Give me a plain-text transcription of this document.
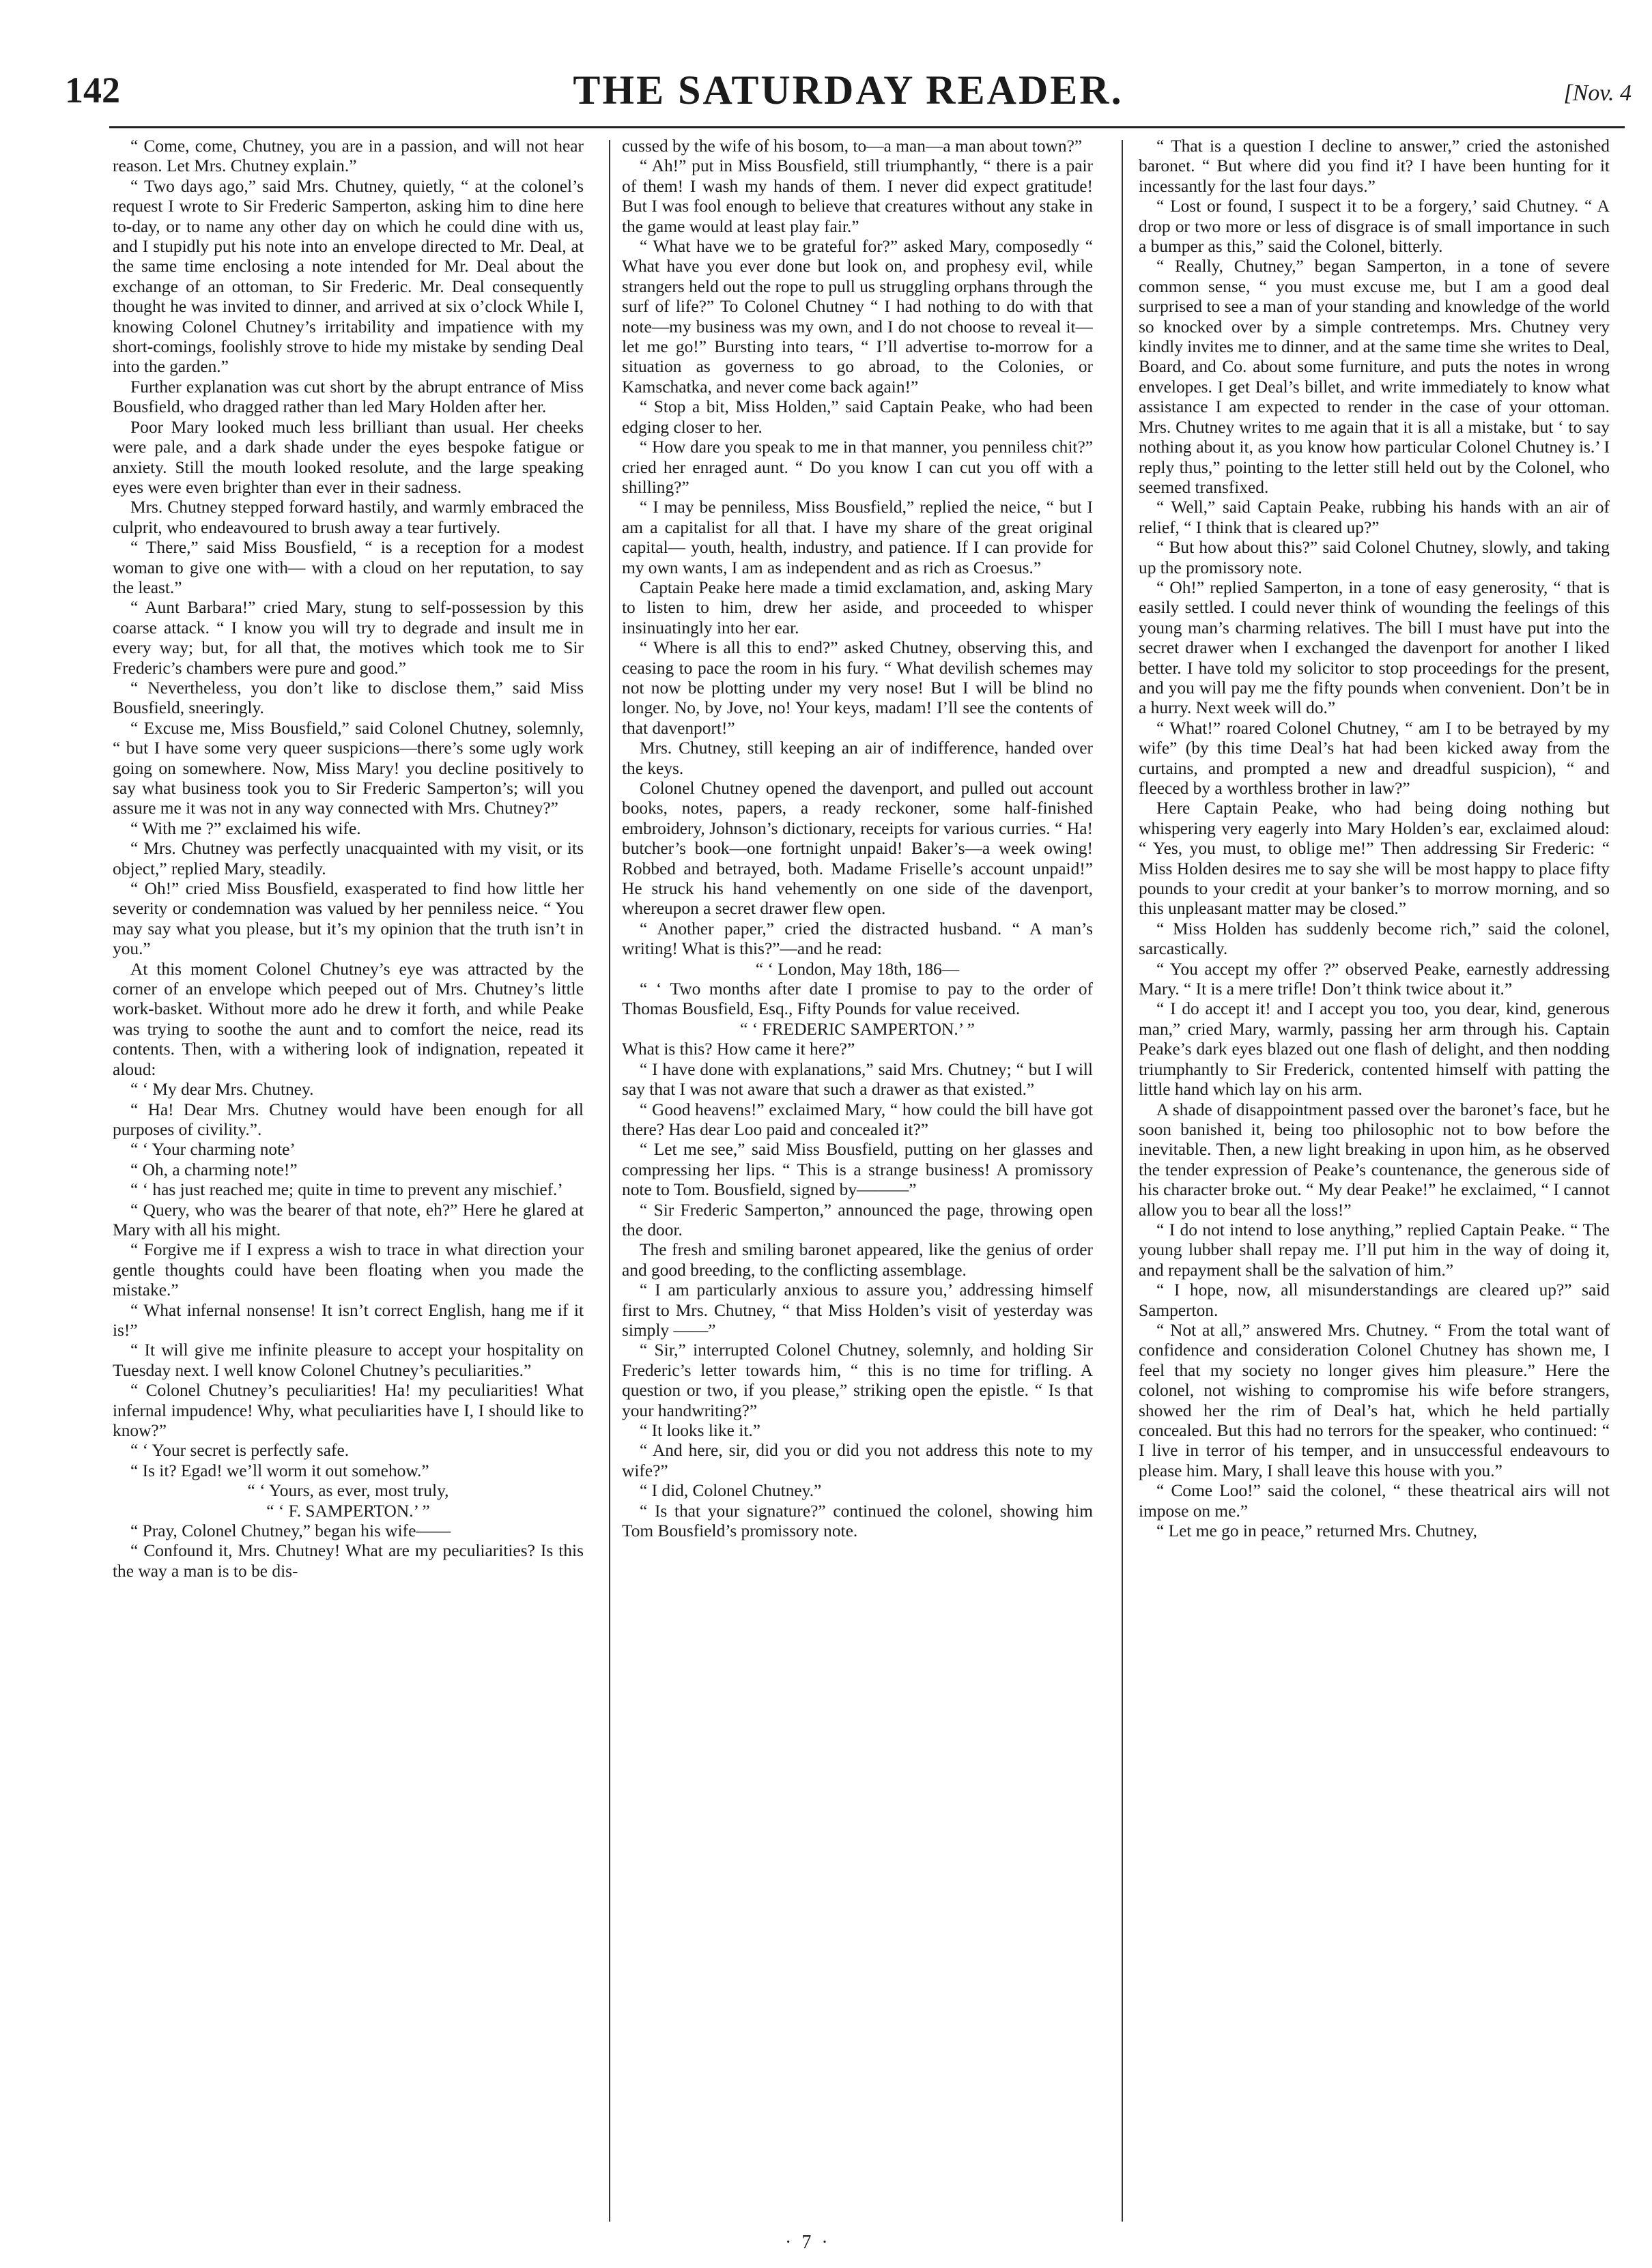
142	THE SATURDAY READER.	[Nov. 4

“ Come, come, Chutney, you are in a passion, and will not hear reason. Let Mrs. Chutney explain.”

“ Two days ago,” said Mrs. Chutney, quietly, “ at the colonel’s request I wrote to Sir Frederic Samperton, asking him to dine here to-day, or to name any other day on which he could dine with us, and I stupidly put his note into an envelope directed to Mr. Deal, at the same time enclosing a note intended for Mr. Deal about the exchange of an ottoman, to Sir Frederic. Mr. Deal consequently thought he was invited to dinner, and arrived at six o’clock While I, knowing Colonel Chutney’s irritability and impatience with my short-comings, foolishly strove to hide my mistake by sending Deal into the garden.”

Further explanation was cut short by the abrupt entrance of Miss Bousfield, who dragged rather than led Mary Holden after her.

Poor Mary looked much less brilliant than usual. Her cheeks were pale, and a dark shade under the eyes bespoke fatigue or anxiety. Still the mouth looked resolute, and the large speaking eyes were even brighter than ever in their sadness.

Mrs. Chutney stepped forward hastily, and warmly embraced the culprit, who endeavoured to brush away a tear furtively.

“ There,” said Miss Bousfield, “ is a reception for a modest woman to give one with— with a cloud on her reputation, to say the least.”

“ Aunt Barbara!” cried Mary, stung to self-possession by this coarse attack. “ I know you will try to degrade and insult me in every way; but, for all that, the motives which took me to Sir Frederic’s chambers were pure and good.”

“ Nevertheless, you don’t like to disclose them,” said Miss Bousfield, sneeringly.

“ Excuse me, Miss Bousfield,” said Colonel Chutney, solemnly, “ but I have some very queer suspicions—there’s some ugly work going on somewhere. Now, Miss Mary! you decline positively to say what business took you to Sir Frederic Samperton’s; will you assure me it was not in any way connected with Mrs. Chutney?”

“ With me ?” exclaimed his wife.

“ Mrs. Chutney was perfectly unacquainted with my visit, or its object,” replied Mary, steadily.

“ Oh!” cried Miss Bousfield, exasperated to find how little her severity or condemnation was valued by her penniless neice. “ You may say what you please, but it’s my opinion that the truth isn’t in you.”

At this moment Colonel Chutney’s eye was attracted by the corner of an envelope which peeped out of Mrs. Chutney’s little work-basket. Without more ado he drew it forth, and while Peake was trying to soothe the aunt and to comfort the neice, read its contents. Then, with a withering look of indignation, repeated it aloud:

“ ‘ My dear Mrs. Chutney.

“ Ha! Dear Mrs. Chutney would have been enough for all purposes of civility.”.

“ ‘ Your charming note’

“ Oh, a charming note!”

“ ‘ has just reached me; quite in time to prevent any mischief.’

“ Query, who was the bearer of that note, eh?” Here he glared at Mary with all his might.

“ Forgive me if I express a wish to trace in what direction your gentle thoughts could have been floating when you made the mistake.”

“ What infernal nonsense! It isn’t correct English, hang me if it is!”

“ It will give me infinite pleasure to accept your hospitality on Tuesday next. I well know Colonel Chutney’s peculiarities.”

“ Colonel Chutney’s peculiarities! Ha! my peculiarities! What infernal impudence! Why, what peculiarities have I, I should like to know?”

“ ‘ Your secret is perfectly safe.

“ Is it? Egad! we’ll worm it out somehow.”

“ ‘ Yours, as ever, most truly,

“ ‘ F. SAMPERTON.’ ”

“ Pray, Colonel Chutney,” began his wife——

“ Confound it, Mrs. Chutney! What are my peculiarities? Is this the way a man is to be dis-

cussed by the wife of his bosom, to—a man—a man about town?”

“ Ah!” put in Miss Bousfield, still triumphantly, “ there is a pair of them! I wash my hands of them. I never did expect gratitude! But I was fool enough to believe that creatures without any stake in the game would at least play fair.”

“ What have we to be grateful for?” asked Mary, composedly “ What have you ever done but look on, and prophesy evil, while strangers held out the rope to pull us struggling orphans through the surf of life?” To Colonel Chutney “ I had nothing to do with that note—my business was my own, and I do not choose to reveal it—let me go!” Bursting into tears, “ I’ll advertise to-morrow for a situation as governess to go abroad, to the Colonies, or Kamschatka, and never come back again!”

“ Stop a bit, Miss Holden,” said Captain Peake, who had been edging closer to her.

“ How dare you speak to me in that manner, you penniless chit?” cried her enraged aunt. “ Do you know I can cut you off with a shilling?”

“ I may be penniless, Miss Bousfield,” replied the neice, “ but I am a capitalist for all that. I have my share of the great original capital— youth, health, industry, and patience. If I can provide for my own wants, I am as independent and as rich as Croesus.”

Captain Peake here made a timid exclamation, and, asking Mary to listen to him, drew her aside, and proceeded to whisper insinuatingly into her ear.

“ Where is all this to end?” asked Chutney, observing this, and ceasing to pace the room in his fury. “ What devilish schemes may not now be plotting under my very nose! But I will be blind no longer. No, by Jove, no! Your keys, madam! I’ll see the contents of that davenport!”

Mrs. Chutney, still keeping an air of indifference, handed over the keys.

Colonel Chutney opened the davenport, and pulled out account books, notes, papers, a ready reckoner, some half-finished embroidery, Johnson’s dictionary, receipts for various curries. “ Ha! butcher’s book—one fortnight unpaid! Baker’s—a week owing! Robbed and betrayed, both. Madame Friselle’s account unpaid!” He struck his hand vehemently on one side of the davenport, whereupon a secret drawer flew open.

“ Another paper,” cried the distracted husband. “ A man’s writing! What is this?”—and he read:

“ ‘ London, May 18th, 186—

“ ‘ Two months after date I promise to pay to the order of Thomas Bousfield, Esq., Fifty Pounds for value received.

“ ‘ FREDERIC SAMPERTON.’ ”

What is this? How came it here?”

“ I have done with explanations,” said Mrs. Chutney; “ but I will say that I was not aware that such a drawer as that existed.”

“ Good heavens!” exclaimed Mary, “ how could the bill have got there? Has dear Loo paid and concealed it?”

“ Let me see,” said Miss Bousfield, putting on her glasses and compressing her lips. “ This is a strange business! A promissory note to Tom. Bousfield, signed by———”

“ Sir Frederic Samperton,” announced the page, throwing open the door.

The fresh and smiling baronet appeared, like the genius of order and good breeding, to the conflicting assemblage.

“ I am particularly anxious to assure you,’ addressing himself first to Mrs. Chutney, “ that Miss Holden’s visit of yesterday was simply ——”

“ Sir,” interrupted Colonel Chutney, solemnly, and holding Sir Frederic’s letter towards him, “ this is no time for trifling. A question or two, if you please,” striking open the epistle. “ Is that your handwriting?”

“ It looks like it.”

“ And here, sir, did you or did you not address this note to my wife?”

“ I did, Colonel Chutney.”

“ Is that your signature?” continued the colonel, showing him Tom Bousfield’s promissory note.

“ That is a question I decline to answer,” cried the astonished baronet. “ But where did you find it? I have been hunting for it incessantly for the last four days.”

“ Lost or found, I suspect it to be a forgery,’ said Chutney. “ A drop or two more or less of disgrace is of small importance in such a bumper as this,” said the Colonel, bitterly.

“ Really, Chutney,” began Samperton, in a tone of severe common sense, “ you must excuse me, but I am a good deal surprised to see a man of your standing and knowledge of the world so knocked over by a simple contretemps. Mrs. Chutney very kindly invites me to dinner, and at the same time she writes to Deal, Board, and Co. about some furniture, and puts the notes in wrong envelopes. I get Deal’s billet, and write immediately to know what assistance I am expected to render in the case of your ottoman. Mrs. Chutney writes to me again that it is all a mistake, but ‘ to say nothing about it, as you know how particular Colonel Chutney is.’ I reply thus,” pointing to the letter still held out by the Colonel, who seemed transfixed.

“ Well,” said Captain Peake, rubbing his hands with an air of relief, “ I think that is cleared up?”

“ But how about this?” said Colonel Chutney, slowly, and taking up the promissory note.

“ Oh!” replied Samperton, in a tone of easy generosity, “ that is easily settled. I could never think of wounding the feelings of this young man’s charming relatives. The bill I must have put into the secret drawer when I exchanged the davenport for another I liked better. I have told my solicitor to stop proceedings for the present, and you will pay me the fifty pounds when convenient. Don’t be in a hurry. Next week will do.”

“ What!” roared Colonel Chutney, “ am I to be betrayed by my wife” (by this time Deal’s hat had been kicked away from the curtains, and prompted a new and dreadful suspicion), “ and fleeced by a worthless brother in law?”

Here Captain Peake, who had being doing nothing but whispering very eagerly into Mary Holden’s ear, exclaimed aloud: “ Yes, you must, to oblige me!” Then addressing Sir Frederic: “ Miss Holden desires me to say she will be most happy to place fifty pounds to your credit at your banker’s to morrow morning, and so this unpleasant matter may be closed.”

“ Miss Holden has suddenly become rich,” said the colonel, sarcastically.

“ You accept my offer ?” observed Peake, earnestly addressing Mary. “ It is a mere trifle! Don’t think twice about it.”

“ I do accept it! and I accept you too, you dear, kind, generous man,” cried Mary, warmly, passing her arm through his. Captain Peake’s dark eyes blazed out one flash of delight, and then nodding triumphantly to Sir Frederick, contented himself with patting the little hand which lay on his arm.

A shade of disappointment passed over the baronet’s face, but he soon banished it, being too philosophic not to bow before the inevitable. Then, a new light breaking in upon him, as he observed the tender expression of Peake’s countenance, the generous side of his character broke out. “ My dear Peake!” he exclaimed, “ I cannot allow you to bear all the loss!”

“ I do not intend to lose anything,” replied Captain Peake. “ The young lubber shall repay me. I’ll put him in the way of doing it, and repayment shall be the salvation of him.”

“ I hope, now, all misunderstandings are cleared up?” said Samperton.

“ Not at all,” answered Mrs. Chutney. “ From the total want of confidence and consideration Colonel Chutney has shown me, I feel that my society no longer gives him pleasure.” Here the colonel, not wishing to compromise his wife before strangers, showed her the rim of Deal’s hat, which he held partially concealed. But this had no terrors for the speaker, who continued: “ I live in terror of his temper, and in unsuccessful endeavours to please him. Mary, I shall leave this house with you.”

“ Come Loo!” said the colonel, “ these theatrical airs will not impose on me.”

“ Let me go in peace,” returned Mrs. Chutney,

· 7 ·
